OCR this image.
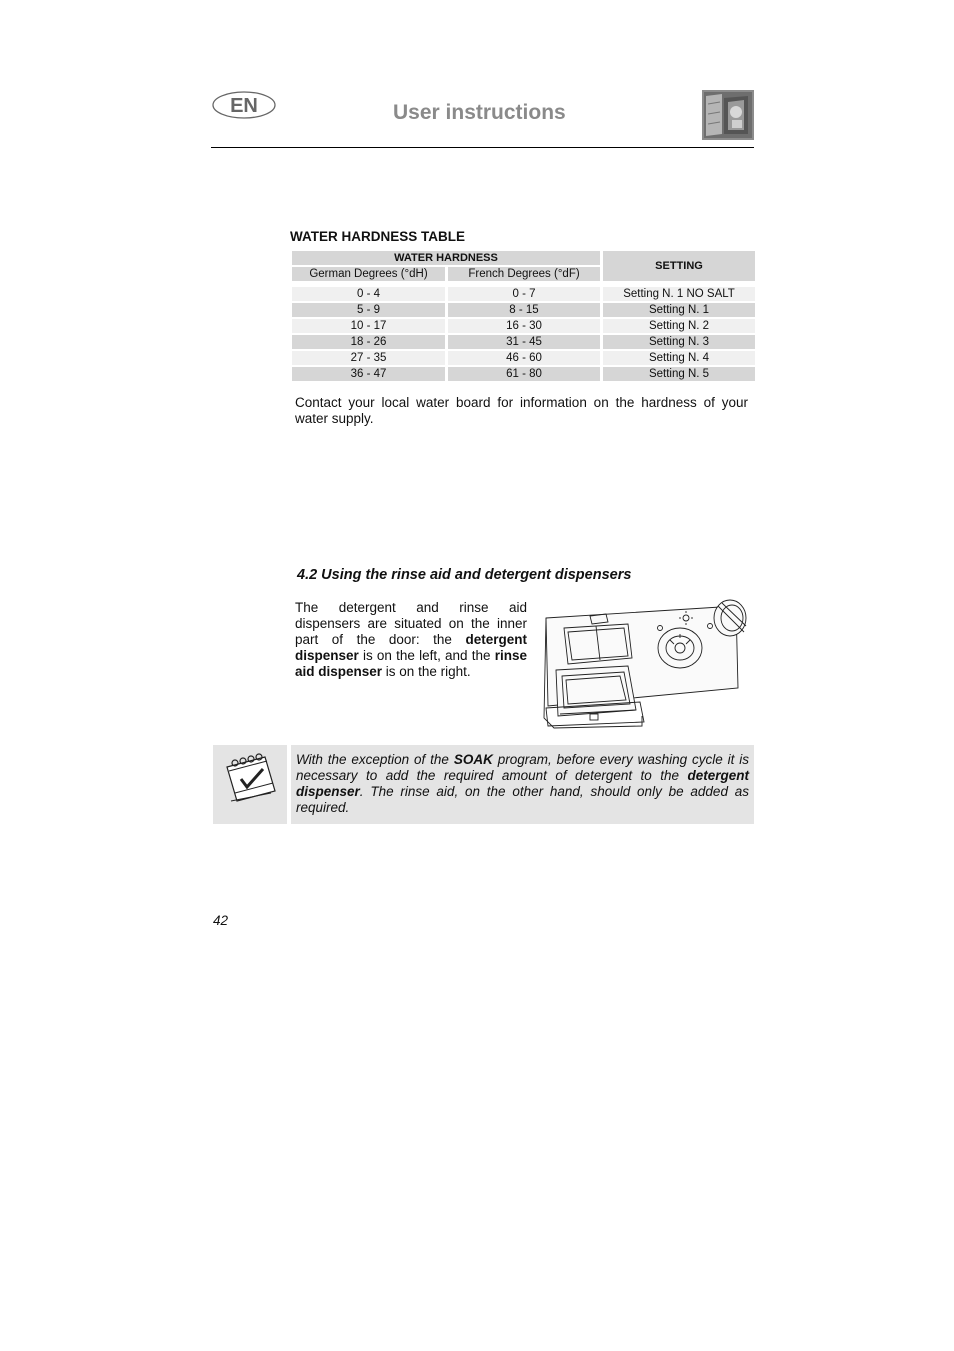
EN	User instructions
WATER HARDNESS TABLE
WATER HARDNESS		SETTING
German Degrees (°dH)	French Degrees (°dF)	

0 - 4	0 - 7	Setting N. 1 NO SALT
5 - 9	8 - 15	Setting N. 1
10 - 17	16 - 30	Setting N. 2
18 - 26	31 - 45	Setting N. 3
27 - 35	46 - 60	Setting N. 4
36 - 47	61 - 80	Setting N. 5
Contact your local water board for information on the hardness of your water supply.
4.2 Using the rinse aid and detergent dispensers
The detergent and rinse aid dispensers are situated on the inner part of the door: the detergent dispenser is on the left, and the rinse aid dispenser is on the right.
With the exception of the SOAK program, before every washing cycle it is necessary to add the required amount of detergent to the detergent dispenser. The rinse aid, on the other hand, should only be added as required.
42
